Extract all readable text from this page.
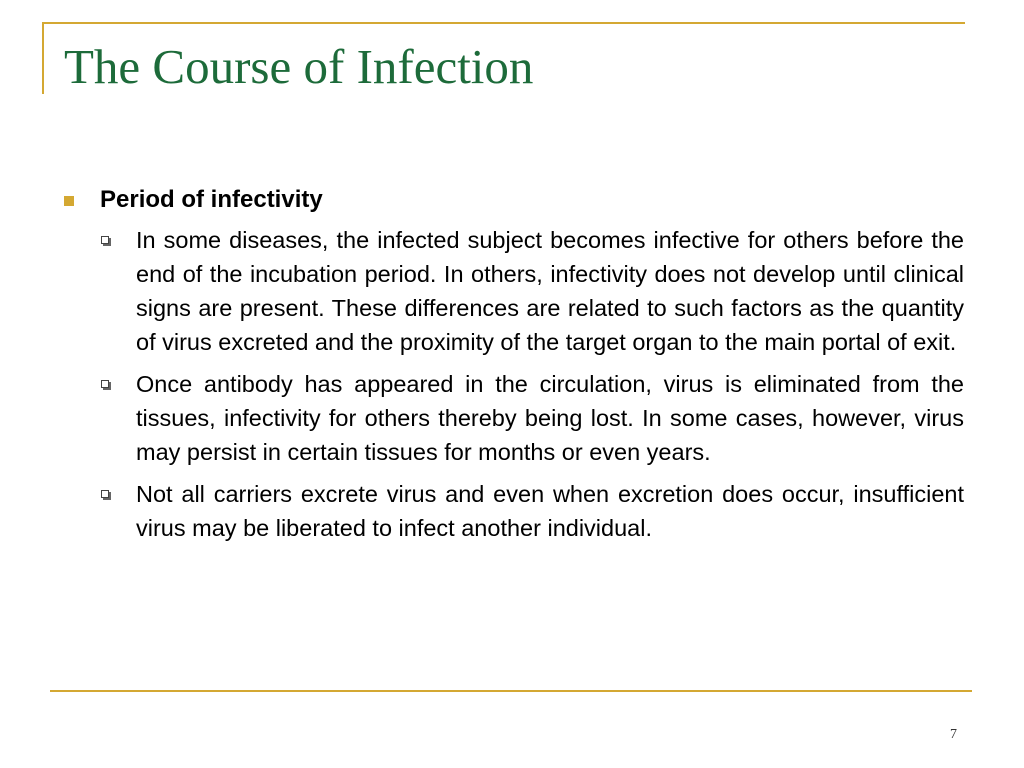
The Course of Infection
Period of infectivity
In some diseases, the infected subject becomes infective for others before the end of the incubation period. In others, infectivity does not develop until clinical signs are present. These differences are related to such factors as the quantity of virus excreted and the proximity of the target organ to the main portal of exit.
Once antibody has appeared in the circulation, virus is eliminated from the tissues, infectivity for others thereby being lost. In some cases, however, virus may persist in certain tissues for months or even years.
Not all carriers excrete virus and even when excretion does occur, insufficient virus may be liberated to infect another individual.
7
